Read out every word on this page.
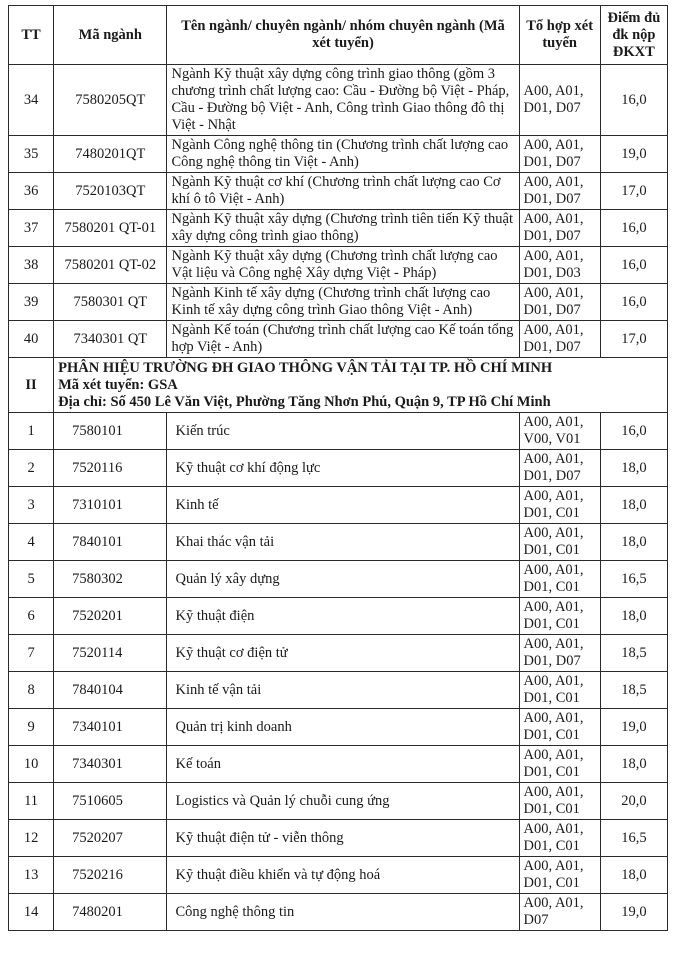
TT	Mã ngành	Tên ngành/ chuyên ngành/ nhóm chuyên ngành (Mã xét tuyển)	Tổ hợp xét tuyển	Điểm đủ đk nộp ĐKXT
34	7580205QT	Ngành Kỹ thuật xây dựng công trình giao thông (gồm 3 chương trình chất lượng cao: Cầu - Đường bộ Việt - Pháp, Cầu - Đường bộ Việt - Anh, Công trình Giao thông đô thị Việt - Nhật	A00, A01, D01, D07	16,0
35	7480201QT	Ngành Công nghệ thông tin (Chương trình chất lượng cao Công nghệ thông tin Việt - Anh)	A00, A01, D01, D07	19,0
36	7520103QT	Ngành Kỹ thuật cơ khí (Chương trình chất lượng cao Cơ khí ô tô Việt - Anh)	A00, A01, D01, D07	17,0
37	7580201 QT-01	Ngành Kỹ thuật xây dựng (Chương trình tiên tiến Kỹ thuật xây dựng công trình giao thông)	A00, A01, D01, D07	16,0
38	7580201 QT-02	Ngành Kỹ thuật xây dựng (Chương trình chất lượng cao Vật liệu và Công nghệ Xây dựng Việt - Pháp)	A00, A01, D01, D03	16,0
39	7580301 QT	Ngành Kinh tế xây dựng (Chương trình chất lượng cao Kinh tế xây dựng công trình Giao thông Việt - Anh)	A00, A01, D01, D07	16,0
40	7340301 QT	Ngành Kế toán (Chương trình chất lượng cao Kế toán tổng hợp Việt - Anh)	A00, A01, D01, D07	17,0
II	PHÂN HIỆU TRƯỜNG ĐH GIAO THÔNG VẬN TẢI TẠI TP. HỒ CHÍ MINH
Mã xét tuyển: GSA
Địa chỉ: Số 450 Lê Văn Việt, Phường Tăng Nhơn Phú, Quận 9, TP Hồ Chí Minh			

1	7580101	Kiến trúc	A00, A01, V00, V01	16,0
2	7520116	Kỹ thuật cơ khí động lực	A00, A01, D01, D07	18,0
3	7310101	Kinh tế	A00, A01, D01, C01	18,0
4	7840101	Khai thác vận tải	A00, A01, D01, C01	18,0
5	7580302	Quản lý xây dựng	A00, A01, D01, C01	16,5
6	7520201	Kỹ thuật điện	A00, A01, D01, C01	18,0
7	7520114	Kỹ thuật cơ điện tử	A00, A01, D01, D07	18,5
8	7840104	Kinh tế vận tải	A00, A01, D01, C01	18,5
9	7340101	Quản trị kinh doanh	A00, A01, D01, C01	19,0
10	7340301	Kế toán	A00, A01, D01, C01	18,0
11	7510605	Logistics và Quản lý chuỗi cung ứng	A00, A01, D01, C01	20,0
12	7520207	Kỹ thuật điện tử - viễn thông	A00, A01, D01, C01	16,5
13	7520216	Kỹ thuật điều khiển và tự động hoá	A00, A01, D01, C01	18,0
14	7480201	Công nghệ thông tin	A00, A01, D07	19,0
